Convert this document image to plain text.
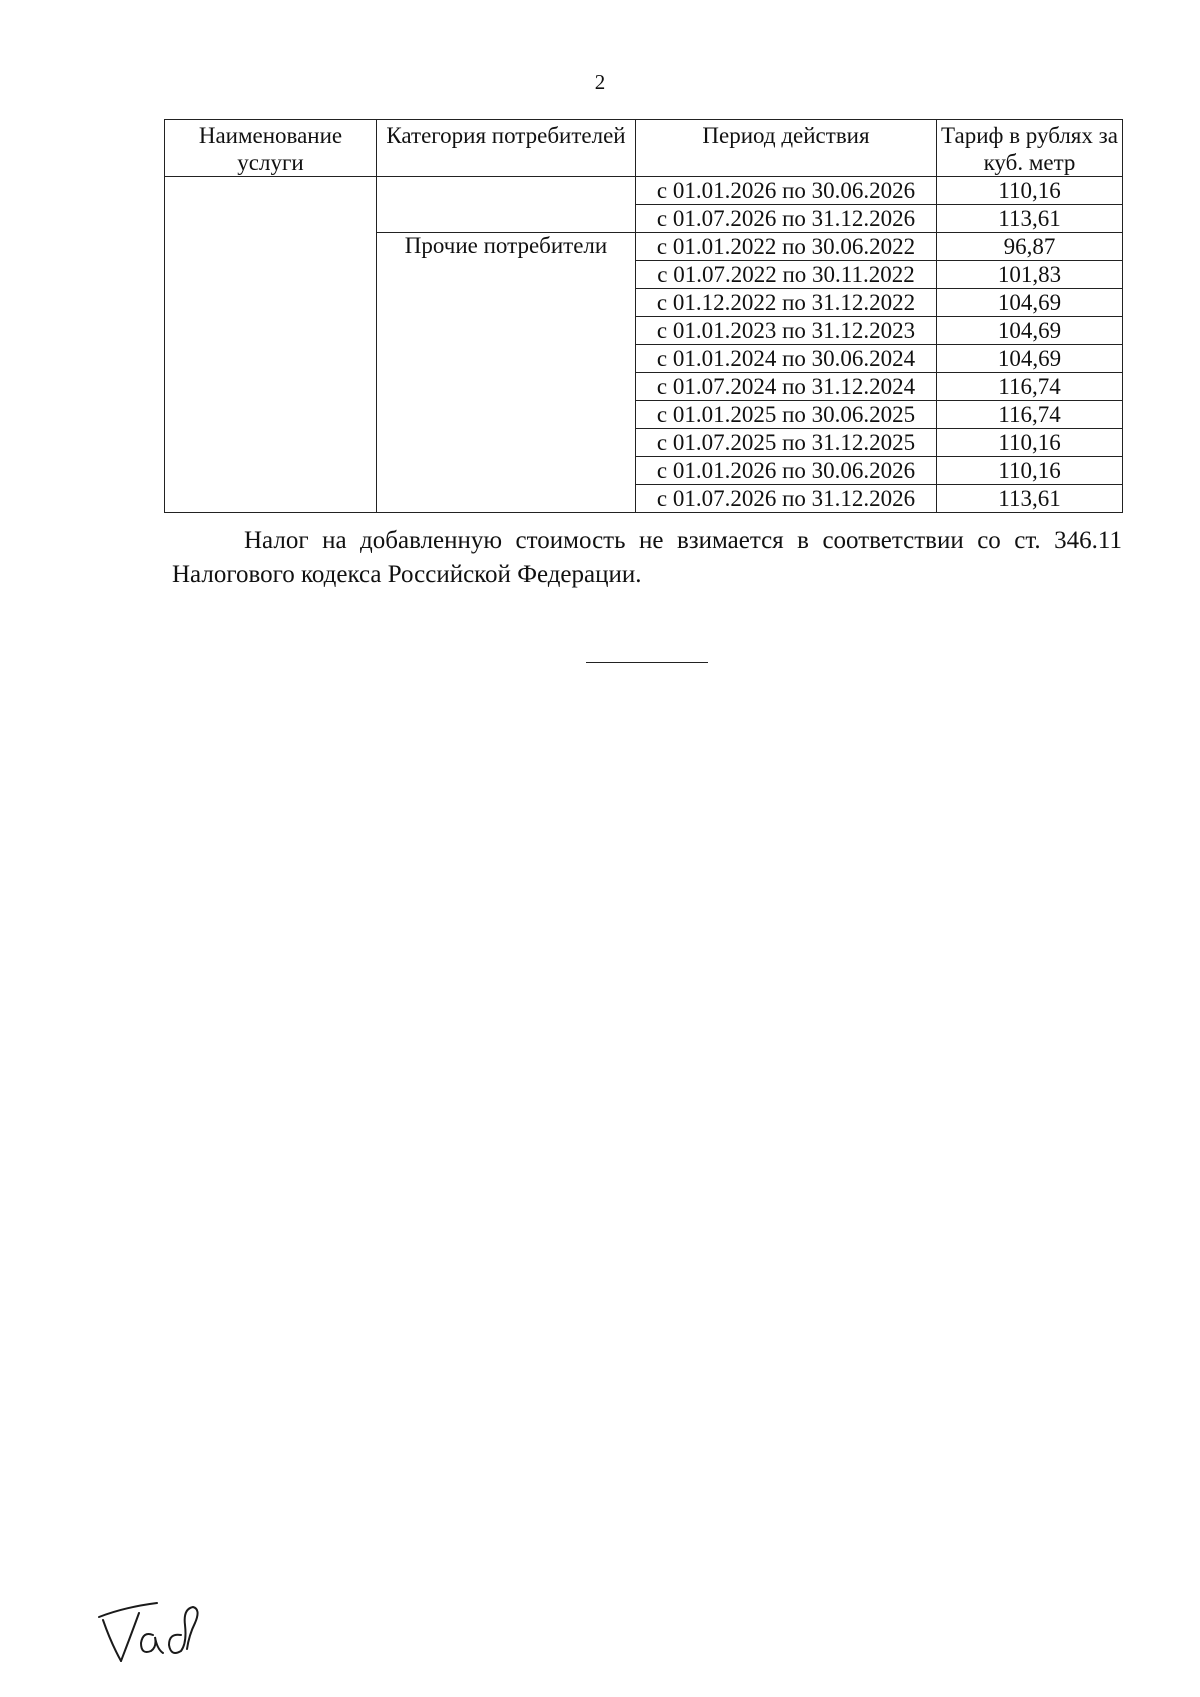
2
Наименование услуги	Категория потребителей	Период действия	Тариф в рублях за куб. метр
		с 01.01.2026 по 30.06.2026	110,16
		с 01.07.2026 по 31.12.2026	113,61
	Прочие потребители	с 01.01.2022 по 30.06.2022	96,87
		с 01.07.2022 по 30.11.2022	101,83
		с 01.12.2022 по 31.12.2022	104,69
		с 01.01.2023 по 31.12.2023	104,69
		с 01.01.2024 по 30.06.2024	104,69
		с 01.07.2024 по 31.12.2024	116,74
		с 01.01.2025 по 30.06.2025	116,74
		с 01.07.2025 по 31.12.2025	110,16
		с 01.01.2026 по 30.06.2026	110,16
		с 01.07.2026 по 31.12.2026	113,61
Налог на добавленную стоимость не взимается в соответствии со ст. 346.11 Налогового кодекса Российской Федерации.
